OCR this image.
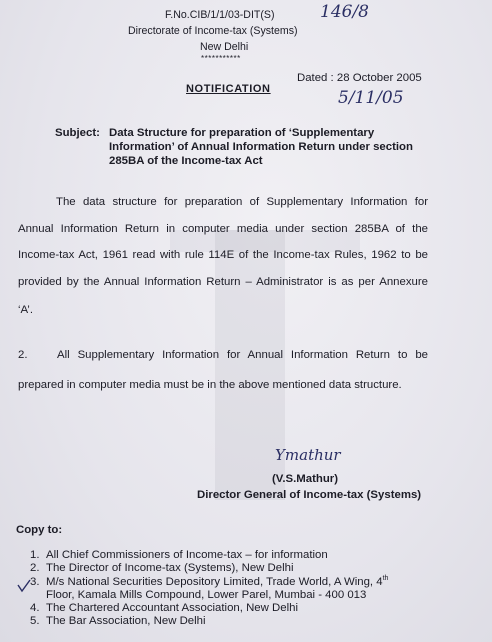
F.No.CIB/1/1/03-DIT(S)	146/8
Directorate of Income-tax (Systems)
New Delhi
***********
Dated : 28 October 2005
NOTIFICATION	5/11/05
Subject: Data Structure for preparation of ‘Supplementary
Information’ of Annual Information Return under section
285BA of the Income-tax Act
The data structure for preparation of Supplementary Information for
Annual Information Return in computer media under section 285BA of the
Income-tax Act, 1961 read with rule 114E of the Income-tax Rules, 1962 to be
provided by the Annual Information Return – Administrator is as per Annexure
‘A’.
2.	All Supplementary Information for Annual Information Return to be
prepared in computer media must be in the above mentioned data structure.
Ymathur
(V.S.Mathur)
Director General of Income-tax (Systems)
Copy to:
1. All Chief Commissioners of Income-tax – for information
2. The Director of Income-tax (Systems), New Delhi
3. M/s National Securities Depository Limited, Trade World, A Wing, 4th
Floor, Kamala Mills Compound, Lower Parel, Mumbai - 400 013
4. The Chartered Accountant Association, New Delhi
5. The Bar Association, New Delhi
